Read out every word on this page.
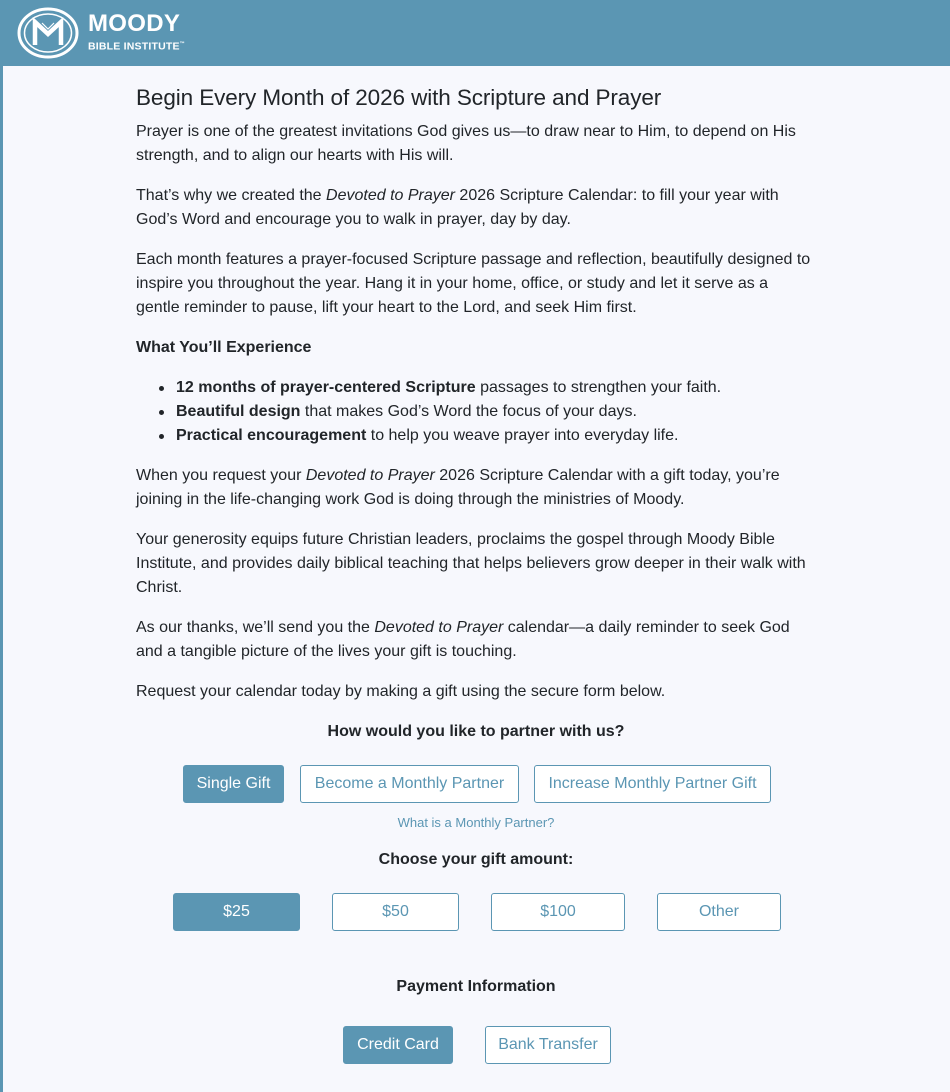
MOODY
BIBLE INSTITUTE™
Begin Every Month of 2026 with Scripture and Prayer

Prayer is one of the greatest invitations God gives us—to draw near to Him, to depend on His strength, and to align our hearts with His will.

That’s why we created the Devoted to Prayer 2026 Scripture Calendar: to fill your year with God’s Word and encourage you to walk in prayer, day by day.

Each month features a prayer-focused Scripture passage and reflection, beautifully designed to inspire you throughout the year. Hang it in your home, office, or study and let it serve as a gentle reminder to pause, lift your heart to the Lord, and seek Him first.

What You’ll Experience
12 months of prayer-centered Scripture passages to strengthen your faith.
Beautiful design that makes God’s Word the focus of your days.
Practical encouragement to help you weave prayer into everyday life.

When you request your Devoted to Prayer 2026 Scripture Calendar with a gift today, you’re joining in the life-changing work God is doing through the ministries of Moody.

Your generosity equips future Christian leaders, proclaims the gospel through Moody Bible Institute, and provides daily biblical teaching that helps believers grow deeper in their walk with Christ.

As our thanks, we’ll send you the Devoted to Prayer calendar—a daily reminder to seek God and a tangible picture of the lives your gift is touching.

Request your calendar today by making a gift using the secure form below.

How would you like to partner with us?
Single Gift	Become a Monthly Partner	Increase Monthly Partner Gift
What is a Monthly Partner?
Choose your gift amount:
$25	$50	$100	Other
Payment Information
Credit Card	Bank Transfer
